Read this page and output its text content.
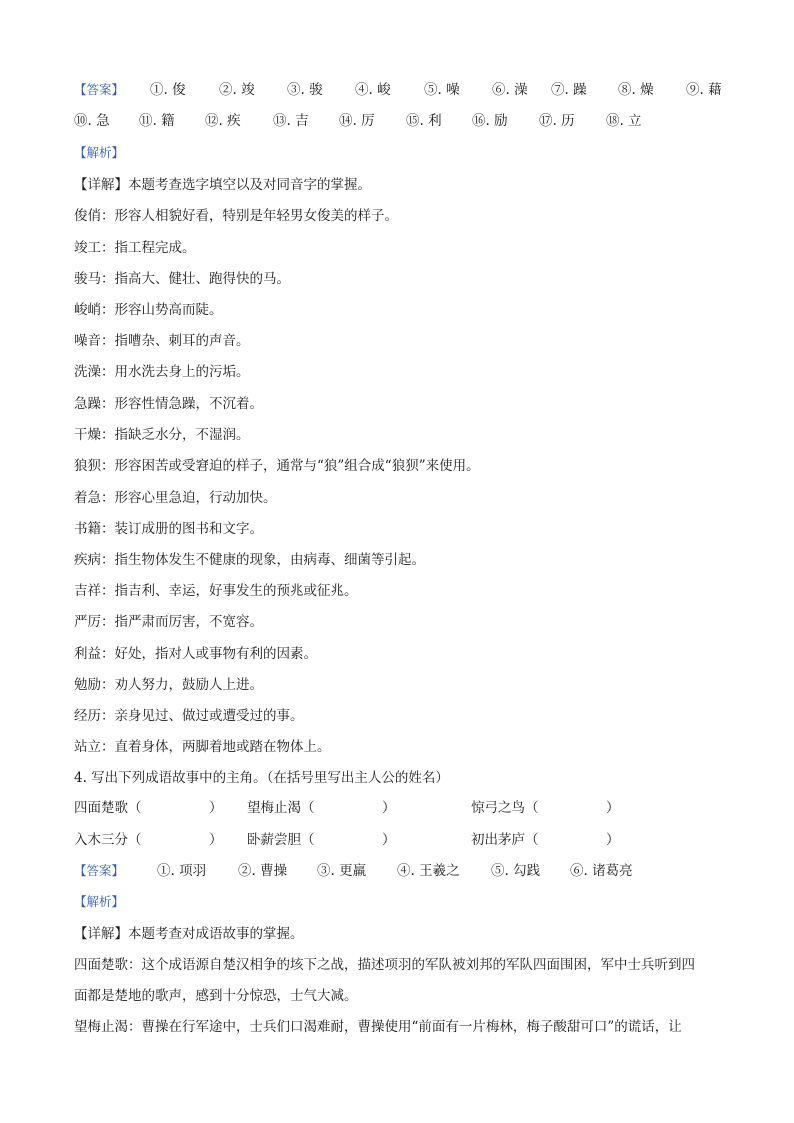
【答案】 ①. 俊 ②. 竣 ③. 骏 ④. 峻 ⑤. 噪 ⑥. 澡 ⑦. 躁 ⑧. 燥 ⑨. 藉
⑩. 急 ⑪. 籍 ⑫. 疾 ⑬. 吉 ⑭. 厉 ⑮. 利 ⑯. 励 ⑰. 历 ⑱. 立
【解析】
【详解】本题考查选字填空以及对同音字的掌握。
俊俏：形容人相貌好看，特别是年轻男女俊美的样子。
竣工：指工程完成。
骏马：指高大、健壮、跑得快的马。
峻峭：形容山势高而陡。
噪音：指嘈杂、刺耳的声音。
洗澡：用水洗去身上的污垢。
急躁：形容性情急躁，不沉着。
干燥：指缺乏水分，不湿润。
狼狈：形容困苦或受窘迫的样子，通常与“狼”组合成“狼狈”来使用。
着急：形容心里急迫，行动加快。
书籍：装订成册的图书和文字。
疾病：指生物体发生不健康的现象，由病毒、细菌等引起。
吉祥：指吉利、幸运，好事发生的预兆或征兆。
严厉：指严肃而厉害，不宽容。
利益：好处，指对人或事物有利的因素。
勉励：劝人努力，鼓励人上进。
经历：亲身见过、做过或遭受过的事。
站立：直着身体，两脚着地或踏在物体上。
4. 写出下列成语故事中的主角。（在括号里写出主人公的姓名）
四面楚歌（　　　　　） 望梅止渴（　　　　　）	惊弓之鸟（　　　　　）
入木三分（　　　　　） 卧薪尝胆（　　　　　）	初出茅庐（　　　　　）
【答案】 ①. 项羽 ②. 曹操 ③. 更羸 ④. 王羲之 ⑤. 勾践 ⑥. 诸葛亮
【解析】
【详解】本题考查对成语故事的掌握。
四面楚歌：这个成语源自楚汉相争的垓下之战，描述项羽的军队被刘邦的军队四面围困，军中士兵听到四
面都是楚地的歌声，感到十分惊恐，士气大减。
望梅止渴：曹操在行军途中，士兵们口渴难耐，曹操使用“前面有一片梅林，梅子酸甜可口”的谎话，让
